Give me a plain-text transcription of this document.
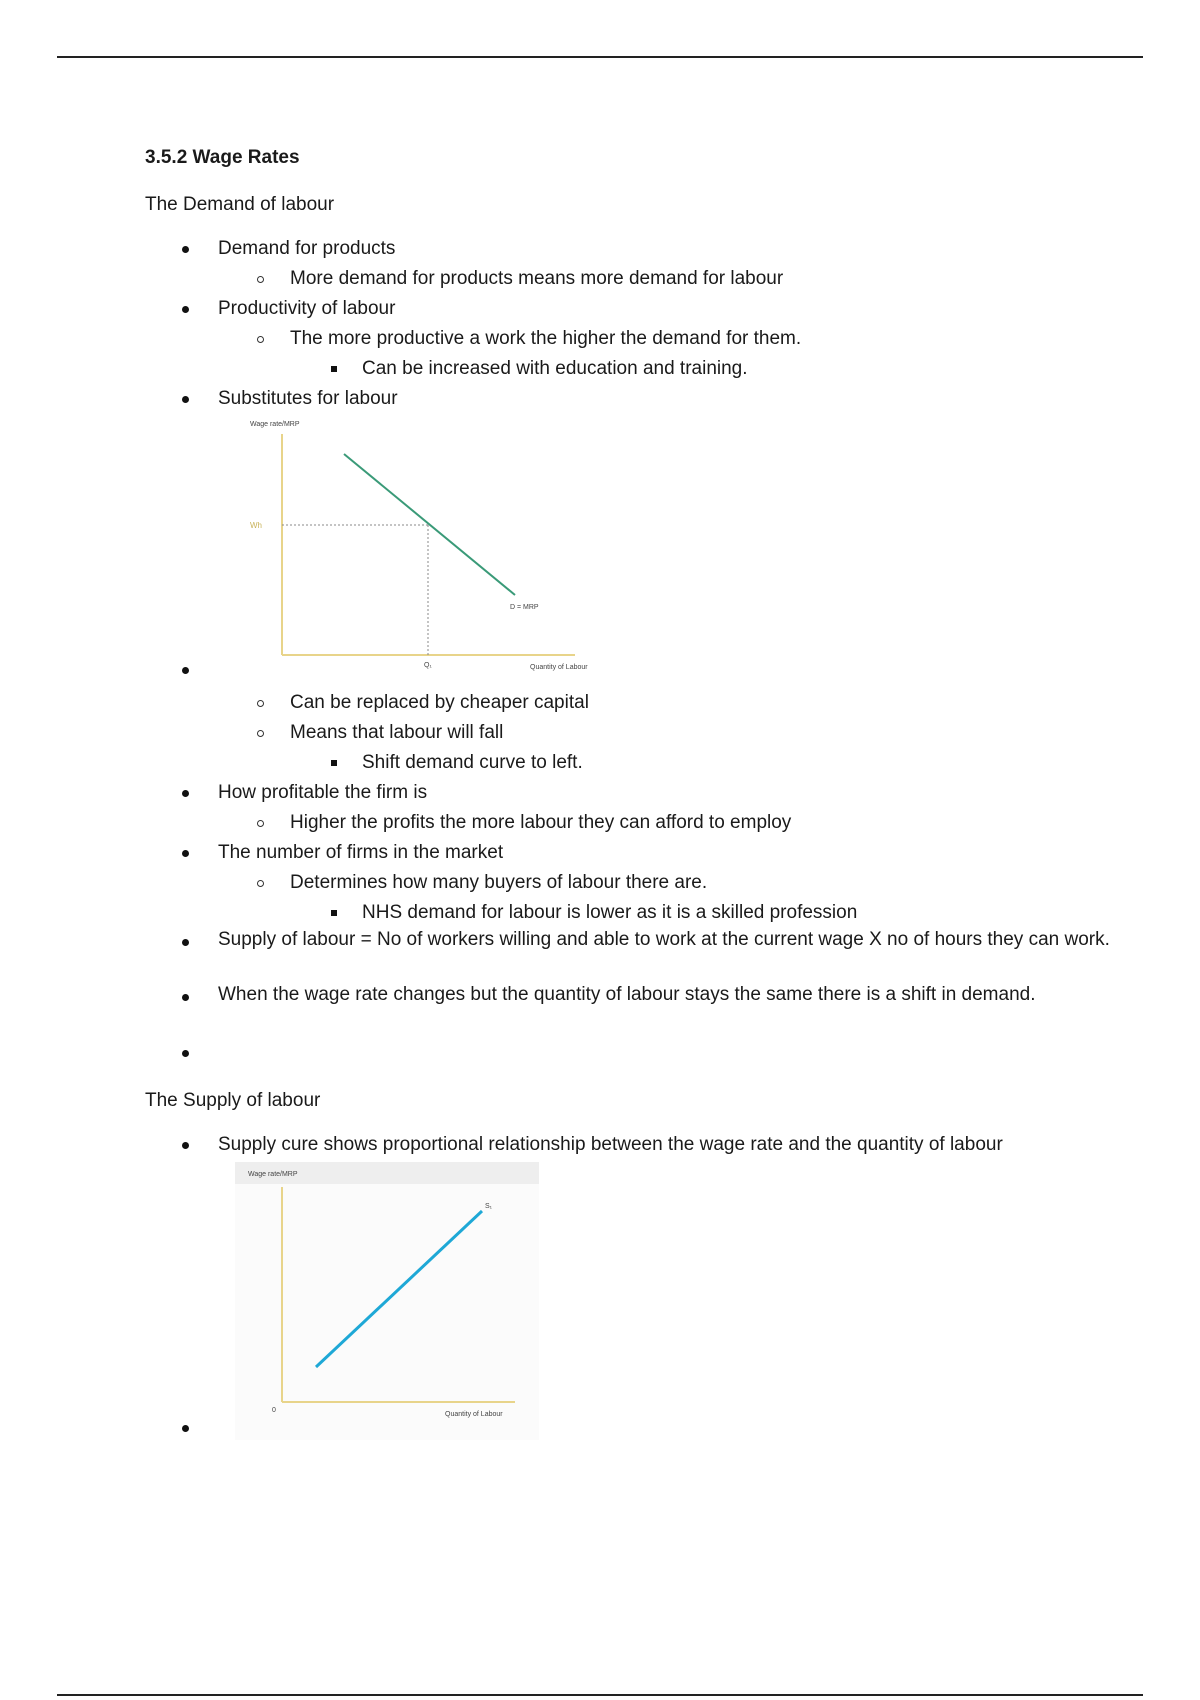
3.5.2 Wage Rates
The Demand of labour
Demand for products
More demand for products means more demand for labour
Productivity of labour
The more productive a work the higher the demand for them.
Can be increased with education and training.
Substitutes for labour
Wage rate/MRP
Wh
D = MRP
Q₁	Quantity of Labour
Can be replaced by cheaper capital
Means that labour will fall
Shift demand curve to left.
How profitable the firm is
Higher the profits the more labour they can afford to employ
The number of firms in the market
Determines how many buyers of labour there are.
NHS demand for labour is lower as it is a skilled profession
Supply of labour = No of workers willing and able to work at the current wage X no of hours they can work.
When the wage rate changes but the quantity of labour stays the same there is a shift in demand.
The Supply of labour
Supply cure shows proportional relationship between the wage rate and the quantity of labour
Wage rate/MRP
S₁
0
Quantity of Labour
